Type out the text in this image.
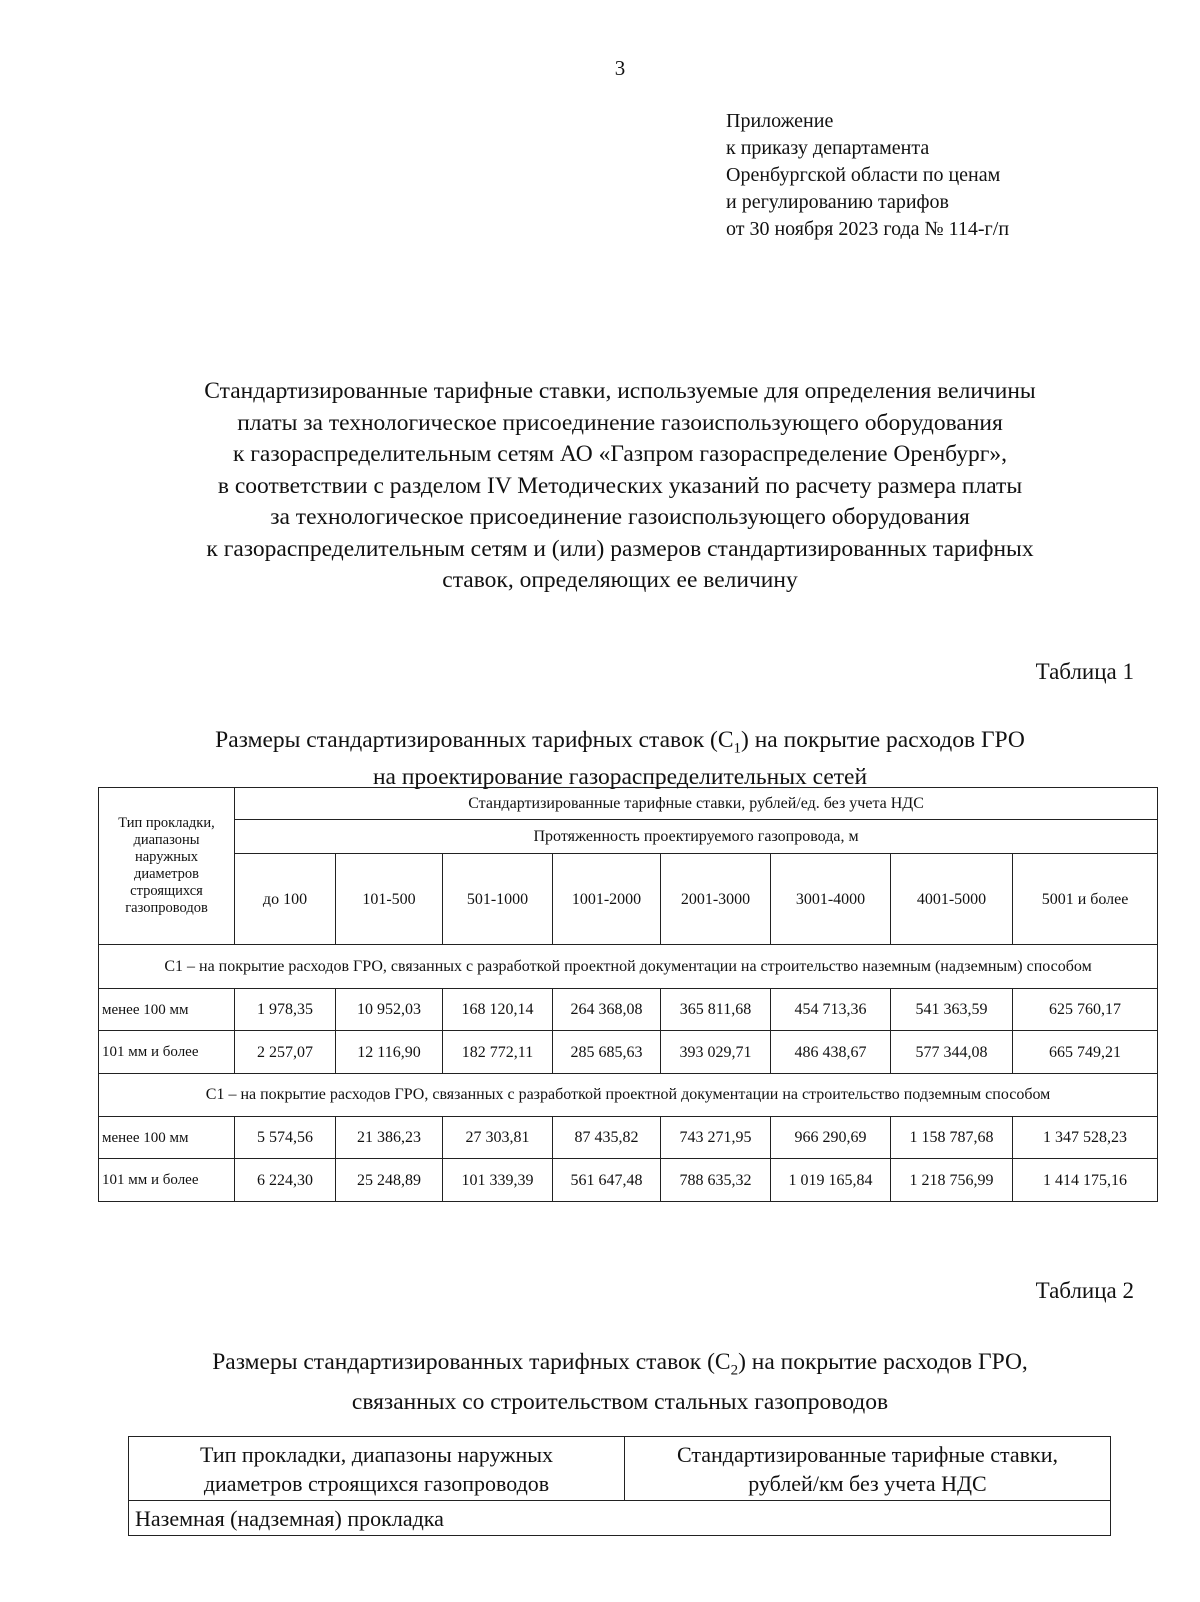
3
Приложение
к приказу департамента
Оренбургской области по ценам
и регулированию тарифов
от 30 ноября 2023 года № 114-г/п
Стандартизированные тарифные ставки, используемые для определения величины
платы за технологическое присоединение газоиспользующего оборудования
к газораспределительным сетям АО «Газпром газораспределение Оренбург»,
в соответствии с разделом IV Методических указаний по расчету размера платы
за технологическое присоединение газоиспользующего оборудования
к газораспределительным сетям и (или) размеров стандартизированных тарифных
ставок, определяющих ее величину
Таблица 1
Размеры стандартизированных тарифных ставок $(С_1)$ на покрытие расходов ГРО
на проектирование газораспределительных сетей
Тип прокладки, диапазоны наружных диаметров строящихся газопроводов	Стандартизированные тарифные ставки, рублей/ед. без учета НДС							
	Протяженность проектируемого газопровода, м							
	до 100	101-500	501-1000	1001-2000	2001-3000	3001-4000	4001-5000	5001 и более
С1 – на покрытие расходов ГРО, связанных с разработкой проектной документации на строительство наземным (надземным) способом								
менее 100 мм	1 978,35	10 952,03	168 120,14	264 368,08	365 811,68	454 713,36	541 363,59	625 760,17
101 мм и более	2 257,07	12 116,90	182 772,11	285 685,63	393 029,71	486 438,67	577 344,08	665 749,21
С1 – на покрытие расходов ГРО, связанных с разработкой проектной документации на строительство подземным способом								
менее 100 мм	5 574,56	21 386,23	27 303,81	87 435,82	743 271,95	966 290,69	1 158 787,68	1 347 528,23
101 мм и более	6 224,30	25 248,89	101 339,39	561 647,48	788 635,32	1 019 165,84	1 218 756,99	1 414 175,16
Таблица 2
Размеры стандартизированных тарифных ставок $(С_2)$ на покрытие расходов ГРО,
связанных со строительством стальных газопроводов
Тип прокладки, диапазоны наружных диаметров строящихся газопроводов	Стандартизированные тарифные ставки, рублей/км без учета НДС
Наземная (надземная) прокладка
